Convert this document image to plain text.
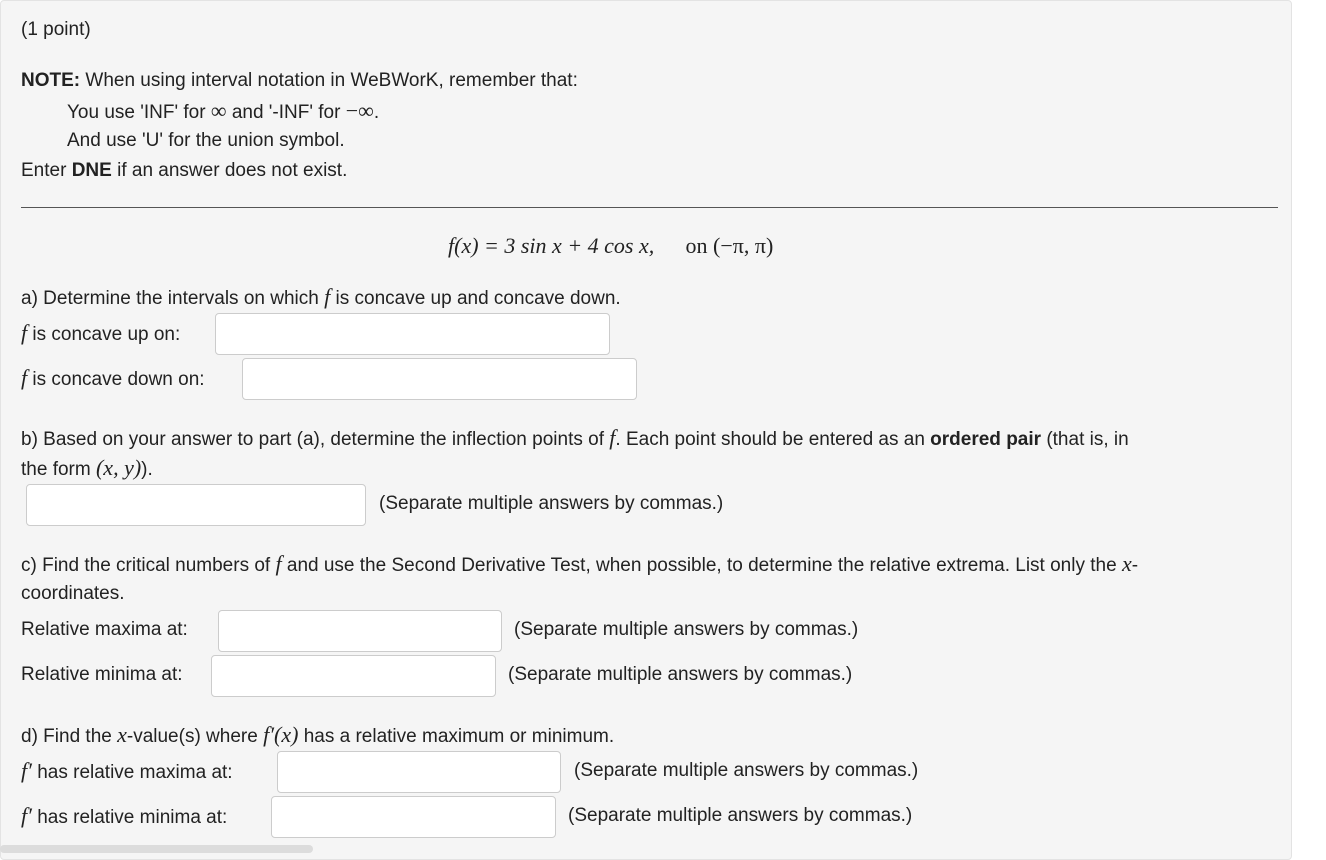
(1 point)
NOTE: When using interval notation in WeBWorK, remember that:
You use 'INF' for ∞ and '-INF' for −∞.
And use 'U' for the union symbol.
Enter DNE if an answer does not exist.
f(x) = 3 sin x + 4 cos x, on (−π, π)
a) Determine the intervals on which f is concave up and concave down.
f is concave up on:
f is concave down on:
b) Based on your answer to part (a), determine the inflection points of f. Each point should be entered as an ordered pair (that is, in
the form (x, y)).
(Separate multiple answers by commas.)
c) Find the critical numbers of f and use the Second Derivative Test, when possible, to determine the relative extrema. List only the x-
coordinates.
Relative maxima at:	(Separate multiple answers by commas.)
Relative minima at:	(Separate multiple answers by commas.)
d) Find the x-value(s) where f′(x) has a relative maximum or minimum.
f′ has relative maxima at:	(Separate multiple answers by commas.)
f′ has relative minima at:	(Separate multiple answers by commas.)
